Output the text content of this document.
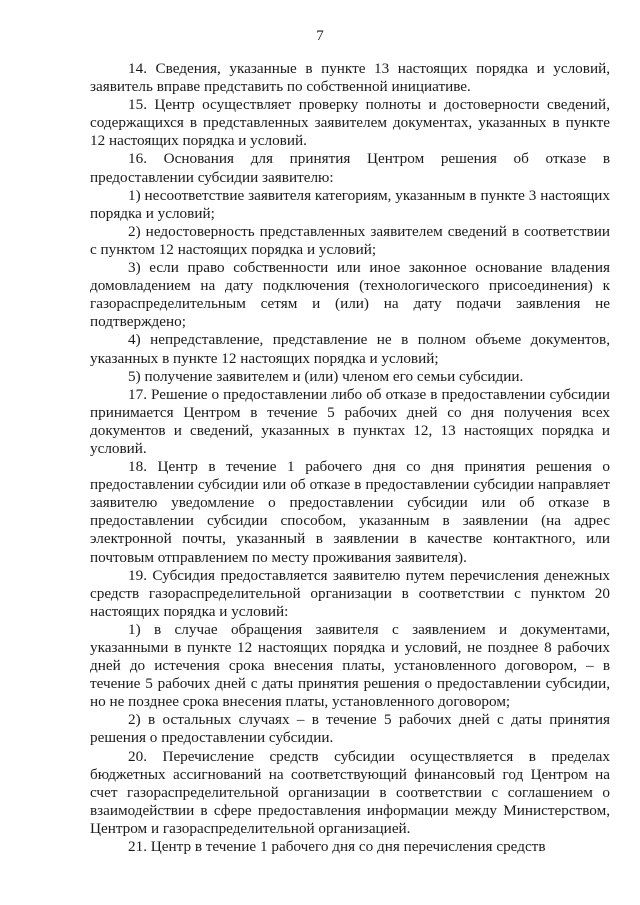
7

14. Сведения, указанные в пункте 13 настоящих порядка и условий, заявитель вправе представить по собственной инициативе.

15. Центр осуществляет проверку полноты и достоверности сведений, содержащихся в представленных заявителем документах, указанных в пункте 12 настоящих порядка и условий.

16. Основания для принятия Центром решения об отказе в предоставлении субсидии заявителю:

1) несоответствие заявителя категориям, указанным в пункте 3 настоящих порядка и условий;

2) недостоверность представленных заявителем сведений в соответствии с пунктом 12 настоящих порядка и условий;

3) если право собственности или иное законное основание владения домовладением на дату подключения (технологического присоединения) к газораспределительным сетям и (или) на дату подачи заявления не подтверждено;

4) непредставление, представление не в полном объеме документов, указанных в пункте 12 настоящих порядка и условий;

5) получение заявителем и (или) членом его семьи субсидии.

17. Решение о предоставлении либо об отказе в предоставлении субсидии принимается Центром в течение 5 рабочих дней со дня получения всех документов и сведений, указанных в пунктах 12, 13 настоящих порядка и условий.

18. Центр в течение 1 рабочего дня со дня принятия решения о предоставлении субсидии или об отказе в предоставлении субсидии направляет заявителю уведомление о предоставлении субсидии или об отказе в предоставлении субсидии способом, указанным в заявлении (на адрес электронной почты, указанный в заявлении в качестве контактного, или почтовым отправлением по месту проживания заявителя).

19. Субсидия предоставляется заявителю путем перечисления денежных средств газораспределительной организации в соответствии с пунктом 20 настоящих порядка и условий:

1) в случае обращения заявителя с заявлением и документами, указанными в пункте 12 настоящих порядка и условий, не позднее 8 рабочих дней до истечения срока внесения платы, установленного договором, – в течение 5 рабочих дней с даты принятия решения о предоставлении субсидии, но не позднее срока внесения платы, установленного договором;

2) в остальных случаях – в течение 5 рабочих дней с даты принятия решения о предоставлении субсидии.

20. Перечисление средств субсидии осуществляется в пределах бюджетных ассигнований на соответствующий финансовый год Центром на счет газораспределительной организации в соответствии с соглашением о взаимодействии в сфере предоставления информации между Министерством, Центром и газораспределительной организацией.

21. Центр в течение 1 рабочего дня со дня перечисления средств
